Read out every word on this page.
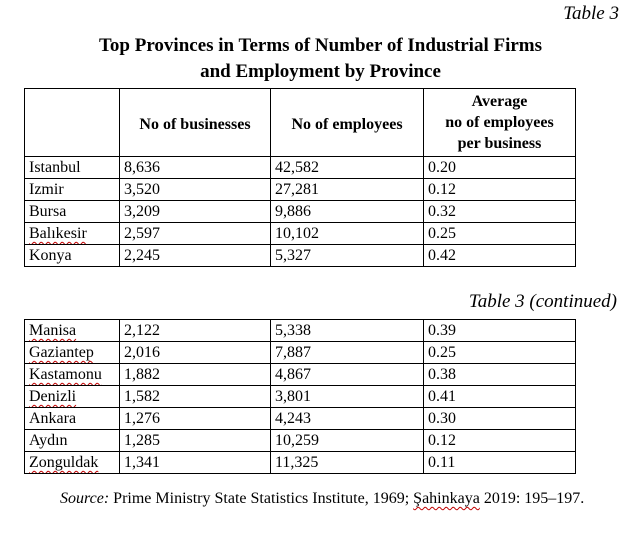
Table 3
Top Provinces in Terms of Number of Industrial Firms
and Employment by Province
	No of businesses	No of employees	Average
no of employees
per business

Istanbul	8,636	42,582	0.20
Izmir	3,520	27,281	0.12
Bursa	3,209	9,886	0.32
Balıkesir	2,597	10,102	0.25
Konya	2,245	5,327	0.42
Table 3 (continued)
Manisa	2,122	5,338	0.39
Gaziantep	2,016	7,887	0.25
Kastamonu	1,882	4,867	0.38
Denizli	1,582	3,801	0.41
Ankara	1,276	4,243	0.30
Aydın	1,285	10,259	0.12
Zonguldak	1,341	11,325	0.11
Source: Prime Ministry State Statistics Institute, 1969; Şahinkaya 2019: 195–197.
